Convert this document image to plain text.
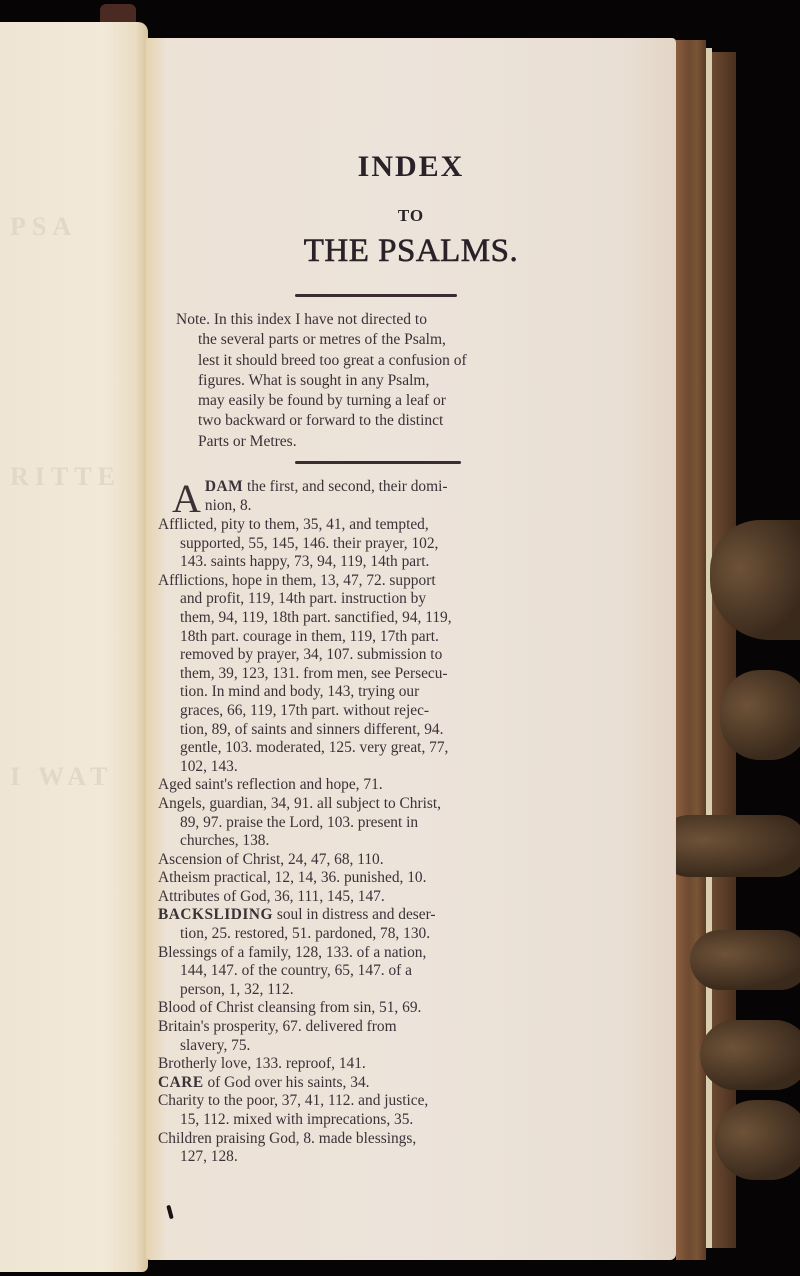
PSA
RITTE
I WAT
INDEX
TO
THE PSALMS.
Note. In this index I have not directed to
the several parts or metres of the Psalm,
lest it should breed too great a confusion of
figures. What is sought in any Psalm,
may easily be found by turning a leaf or
two backward or forward to the distinct
Parts or Metres.
A DAM the first, and second, their domi-
nion, 8.
Afflicted, pity to them, 35, 41, and tempted,
supported, 55, 145, 146. their prayer, 102,
143. saints happy, 73, 94, 119, 14th part.
Afflictions, hope in them, 13, 47, 72. support
and profit, 119, 14th part. instruction by
them, 94, 119, 18th part. sanctified, 94, 119,
18th part. courage in them, 119, 17th part.
removed by prayer, 34, 107. submission to
them, 39, 123, 131. from men, see Persecu-
tion. In mind and body, 143, trying our
graces, 66, 119, 17th part. without rejec-
tion, 89, of saints and sinners different, 94.
gentle, 103. moderated, 125. very great, 77,
102, 143.
Aged saint's reflection and hope, 71.
Angels, guardian, 34, 91. all subject to Christ,
89, 97. praise the Lord, 103. present in
churches, 138.
Ascension of Christ, 24, 47, 68, 110.
Atheism practical, 12, 14, 36. punished, 10.
Attributes of God, 36, 111, 145, 147.
BACKSLIDING soul in distress and deser-
tion, 25. restored, 51. pardoned, 78, 130.
Blessings of a family, 128, 133. of a nation,
144, 147. of the country, 65, 147. of a
person, 1, 32, 112.
Blood of Christ cleansing from sin, 51, 69.
Britain's prosperity, 67. delivered from
slavery, 75.
Brotherly love, 133. reproof, 141.
CARE of God over his saints, 34.
Charity to the poor, 37, 41, 112. and justice,
15, 112. mixed with imprecations, 35.
Children praising God, 8. made blessings,
127, 128.
